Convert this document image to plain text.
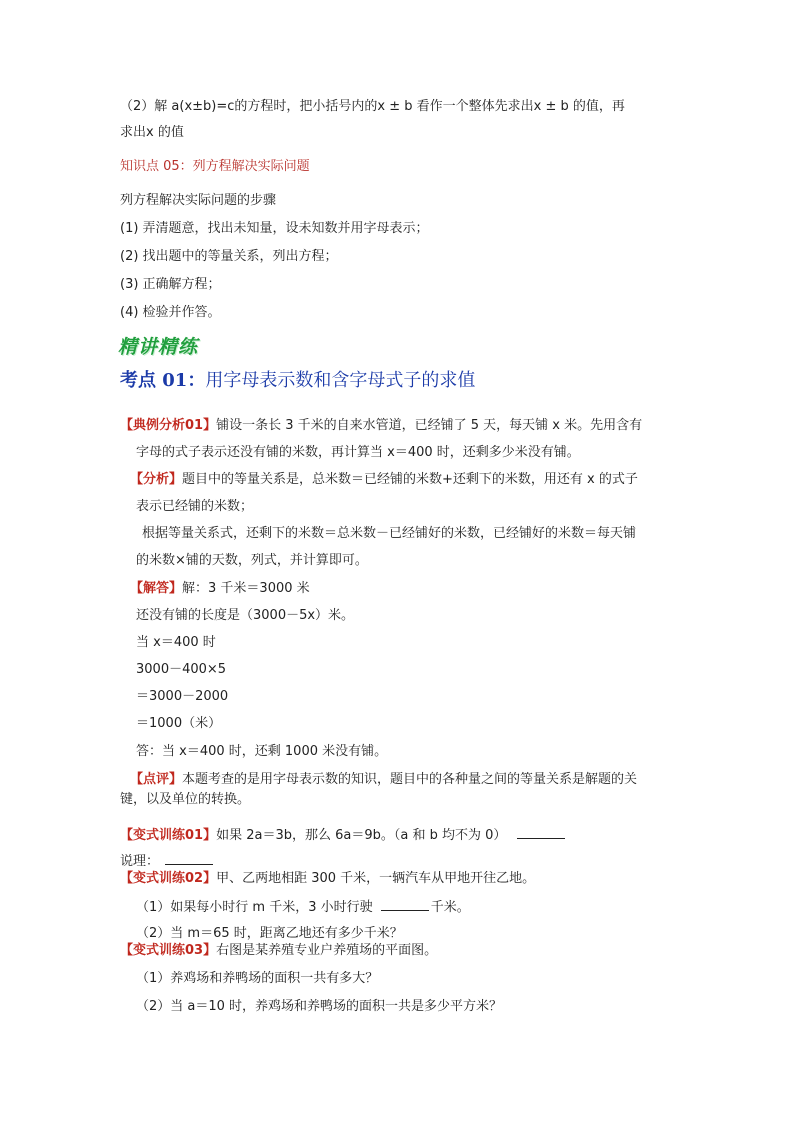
（2）解 a(x±b)=c的方程时，把小括号内的x ± b 看作一个整体先求出x ± b 的值，再
求出x 的值
知识点 05：列方程解决实际问题
列方程解决实际问题的步骤
(1) 弄清题意，找出未知量，设未知数并用字母表示；
(2) 找出题中的等量关系，列出方程；
(3) 正确解方程；
(4) 检验并作答。
精讲精练
考点 01：用字母表示数和含字母式子的求值
【典例分析01】铺设一条长 3 千米的自来水管道，已经铺了 5 天，每天铺 x 米。先用含有
字母的式子表示还没有铺的米数，再计算当 x＝400 时，还剩多少米没有铺。
【分析】题目中的等量关系是，总米数＝已经铺的米数+还剩下的米数，用还有 x 的式子
表示已经铺的米数；
根据等量关系式，还剩下的米数＝总米数－已经铺好的米数，已经铺好的米数＝每天铺
的米数×铺的天数，列式，并计算即可。
【解答】解：3 千米＝3000 米
还没有铺的长度是（3000－5x）米。
当 x＝400 时
3000－400×5
＝3000－2000
＝1000（米）
答：当 x＝400 时，还剩 1000 米没有铺。
【点评】本题考查的是用字母表示数的知识，题目中的各种量之间的等量关系是解题的关
键，以及单位的转换。
【变式训练01】如果 2a＝3b，那么 6a＝9b。（a 和 b 均不为 0）
说理：
【变式训练02】甲、乙两地相距 300 千米，一辆汽车从甲地开往乙地。
（1）如果每小时行 m 千米，3 小时行驶	千米。
（2）当 m＝65 时，距离乙地还有多少千米？
【变式训练03】右图是某养殖专业户养殖场的平面图。
（1）养鸡场和养鸭场的面积一共有多大？
（2）当 a＝10 时，养鸡场和养鸭场的面积一共是多少平方米？
